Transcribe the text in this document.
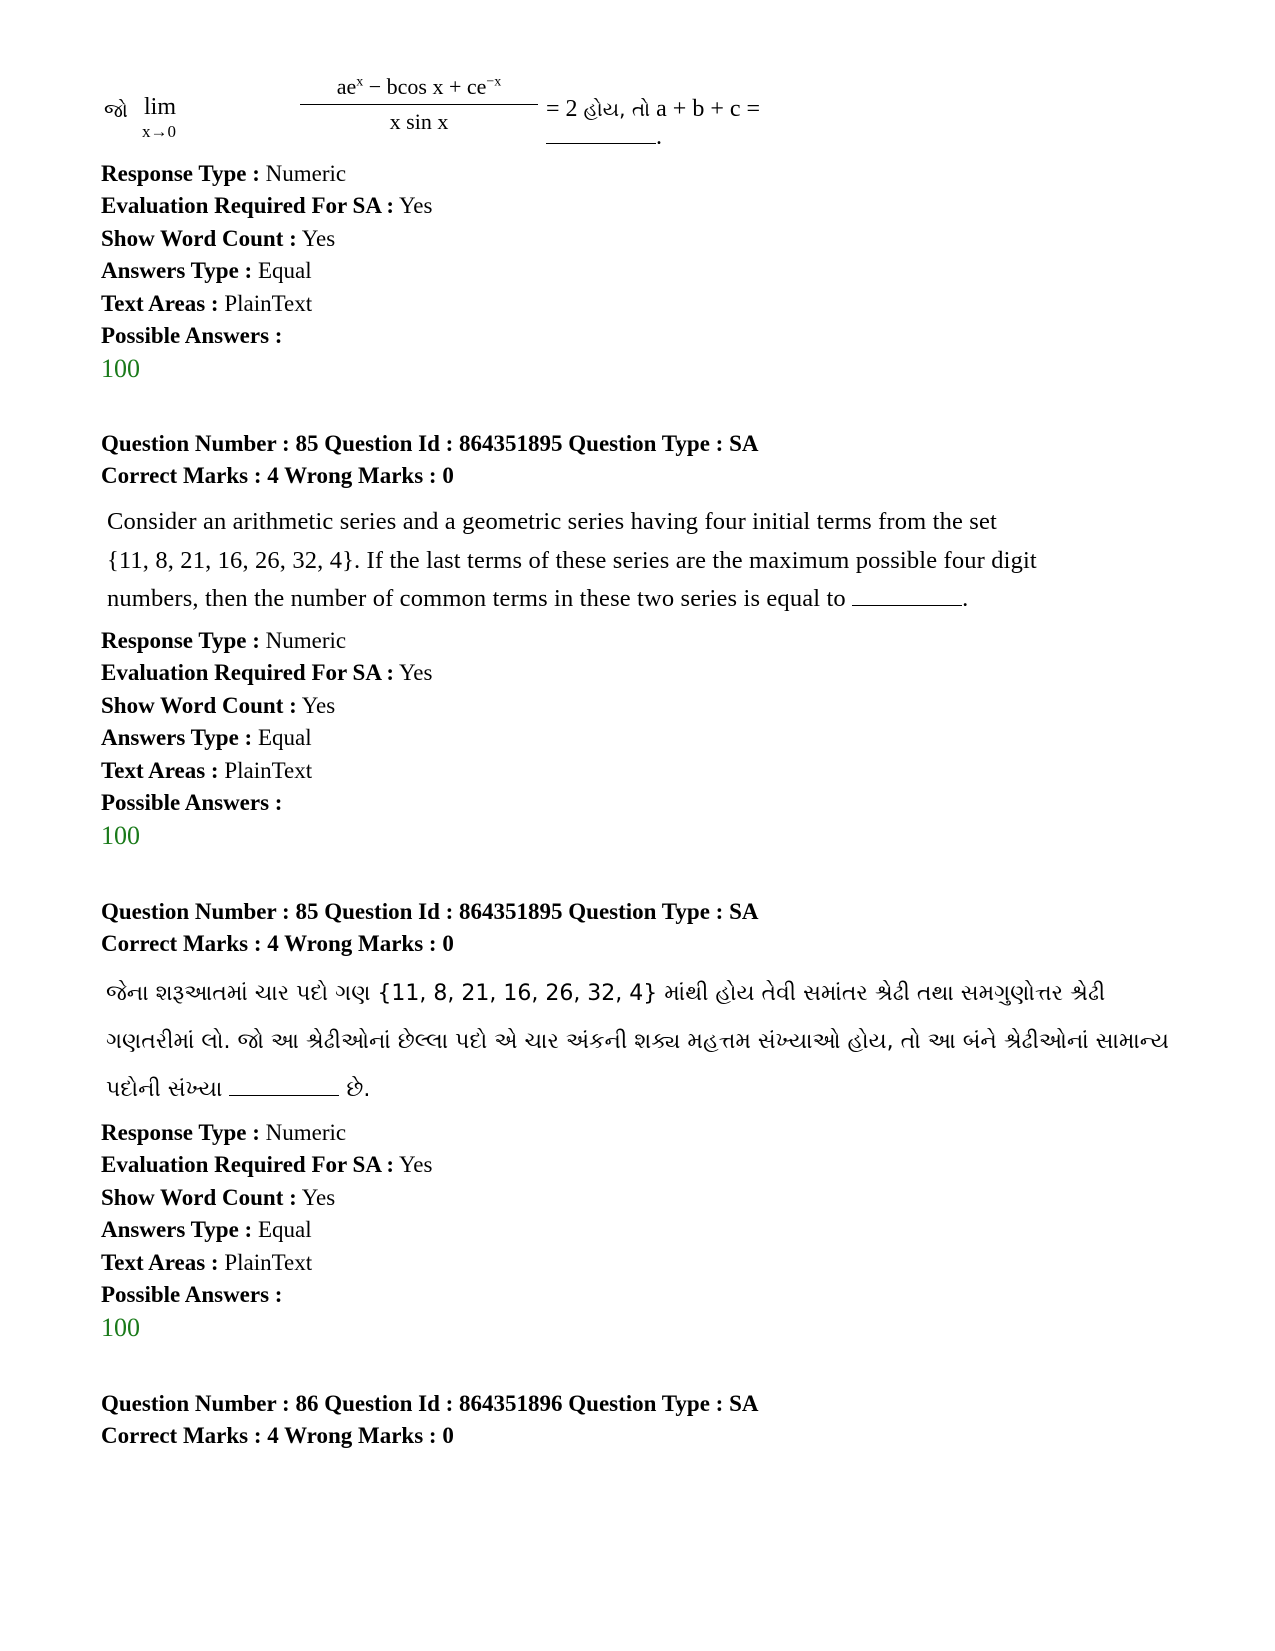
જો lim
x→0
$ae^x - bcos$ $x + ce^{-x}$
x sin x	= 2 હોય, તો a + b + c = .
Response Type : Numeric
Evaluation Required For SA : Yes
Show Word Count : Yes
Answers Type : Equal
Text Areas : PlainText
Possible Answers :
100
Question Number : 85 Question Id : 864351895 Question Type : SA
Correct Marks : 4 Wrong Marks : 0
Consider an arithmetic series and a geometric series having four initial terms from the set
{11, 8, 21, 16, 26, 32, 4}. If the last terms of these series are the maximum possible four digit
numbers, then the number of common terms in these two series is equal to	.
Response Type : Numeric
Evaluation Required For SA : Yes
Show Word Count : Yes
Answers Type : Equal
Text Areas : PlainText
Possible Answers :
100
Question Number : 85 Question Id : 864351895 Question Type : SA
Correct Marks : 4 Wrong Marks : 0
જેના શરૂઆતમાં ચાર પદો ગણ {11, 8, 21, 16, 26, 32, 4} માંથી હોય તેવી સમાંતર શ્રેઢી તથા સમગુણોત્તર શ્રેઢી
ગણતરીમાં લો. જો આ શ્રેઢીઓનાં છેલ્લા પદો એ ચાર અંકની શક્ય મહત્તમ સંખ્યાઓ હોય, તો આ બંને શ્રેઢીઓનાં સામાન્ય
પદોની સંખ્યા	છે.
Response Type : Numeric
Evaluation Required For SA : Yes
Show Word Count : Yes
Answers Type : Equal
Text Areas : PlainText
Possible Answers :
100
Question Number : 86 Question Id : 864351896 Question Type : SA
Correct Marks : 4 Wrong Marks : 0
